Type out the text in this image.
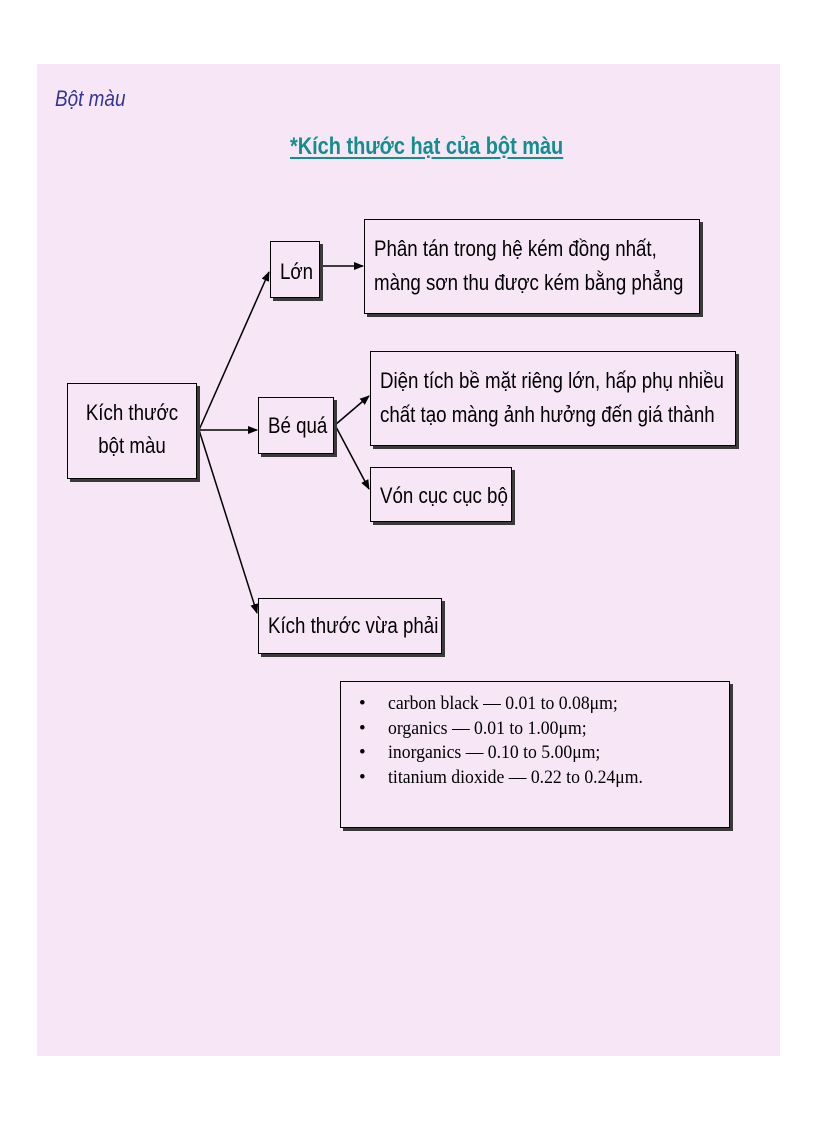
Bột màu
*Kích thước hạt của bột màu
Kích thước
bột màu
Lớn
Phân tán trong hệ kém đồng nhất,
màng sơn thu được kém bằng phẳng
Bé quá
Diện tích bề mặt riêng lớn, hấp phụ nhiều
chất tạo màng ảnh hưởng đến giá thành
Vón cục cục bộ
Kích thước vừa phải
• carbon black — 0.01 to 0.08μm;
• organics — 0.01 to 1.00μm;
• inorganics — 0.10 to 5.00μm;
• titanium dioxide — 0.22 to 0.24μm.
